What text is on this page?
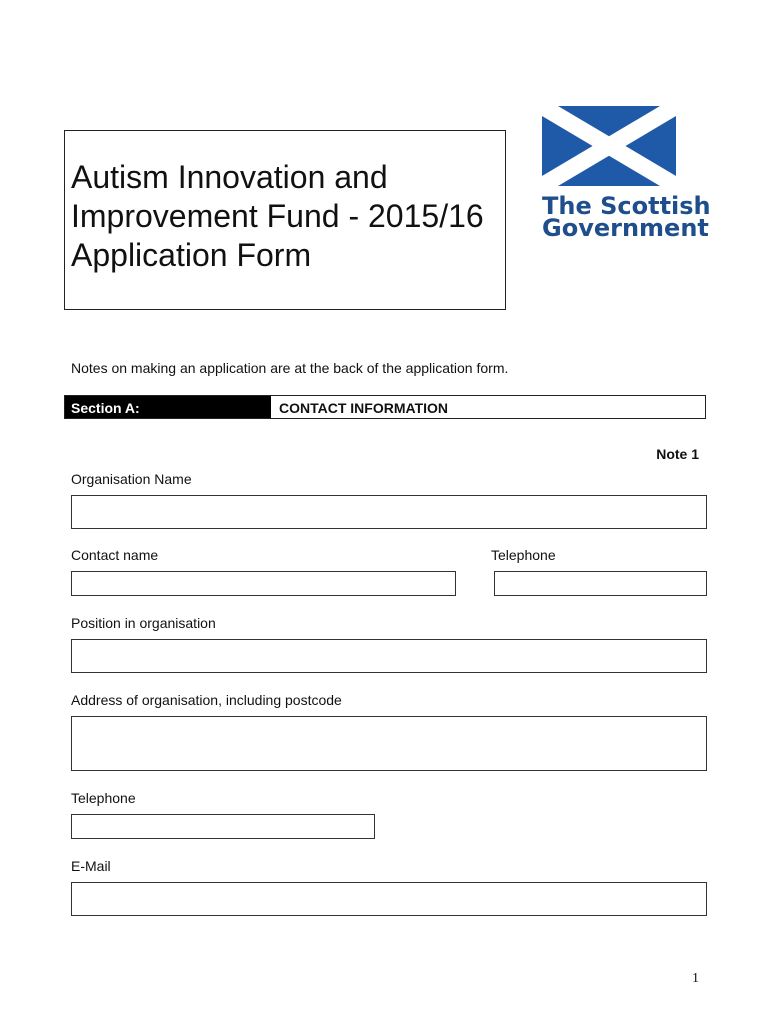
Autism Innovation and
Improvement Fund - 2015/16
Application Form
The Scottish
Government
Notes on making an application are at the back of the application form.
Section A:	CONTACT INFORMATION
Note 1
Organisation Name
Contact name	Telephone
Position in organisation
Address of organisation, including postcode
Telephone
E-Mail
1
